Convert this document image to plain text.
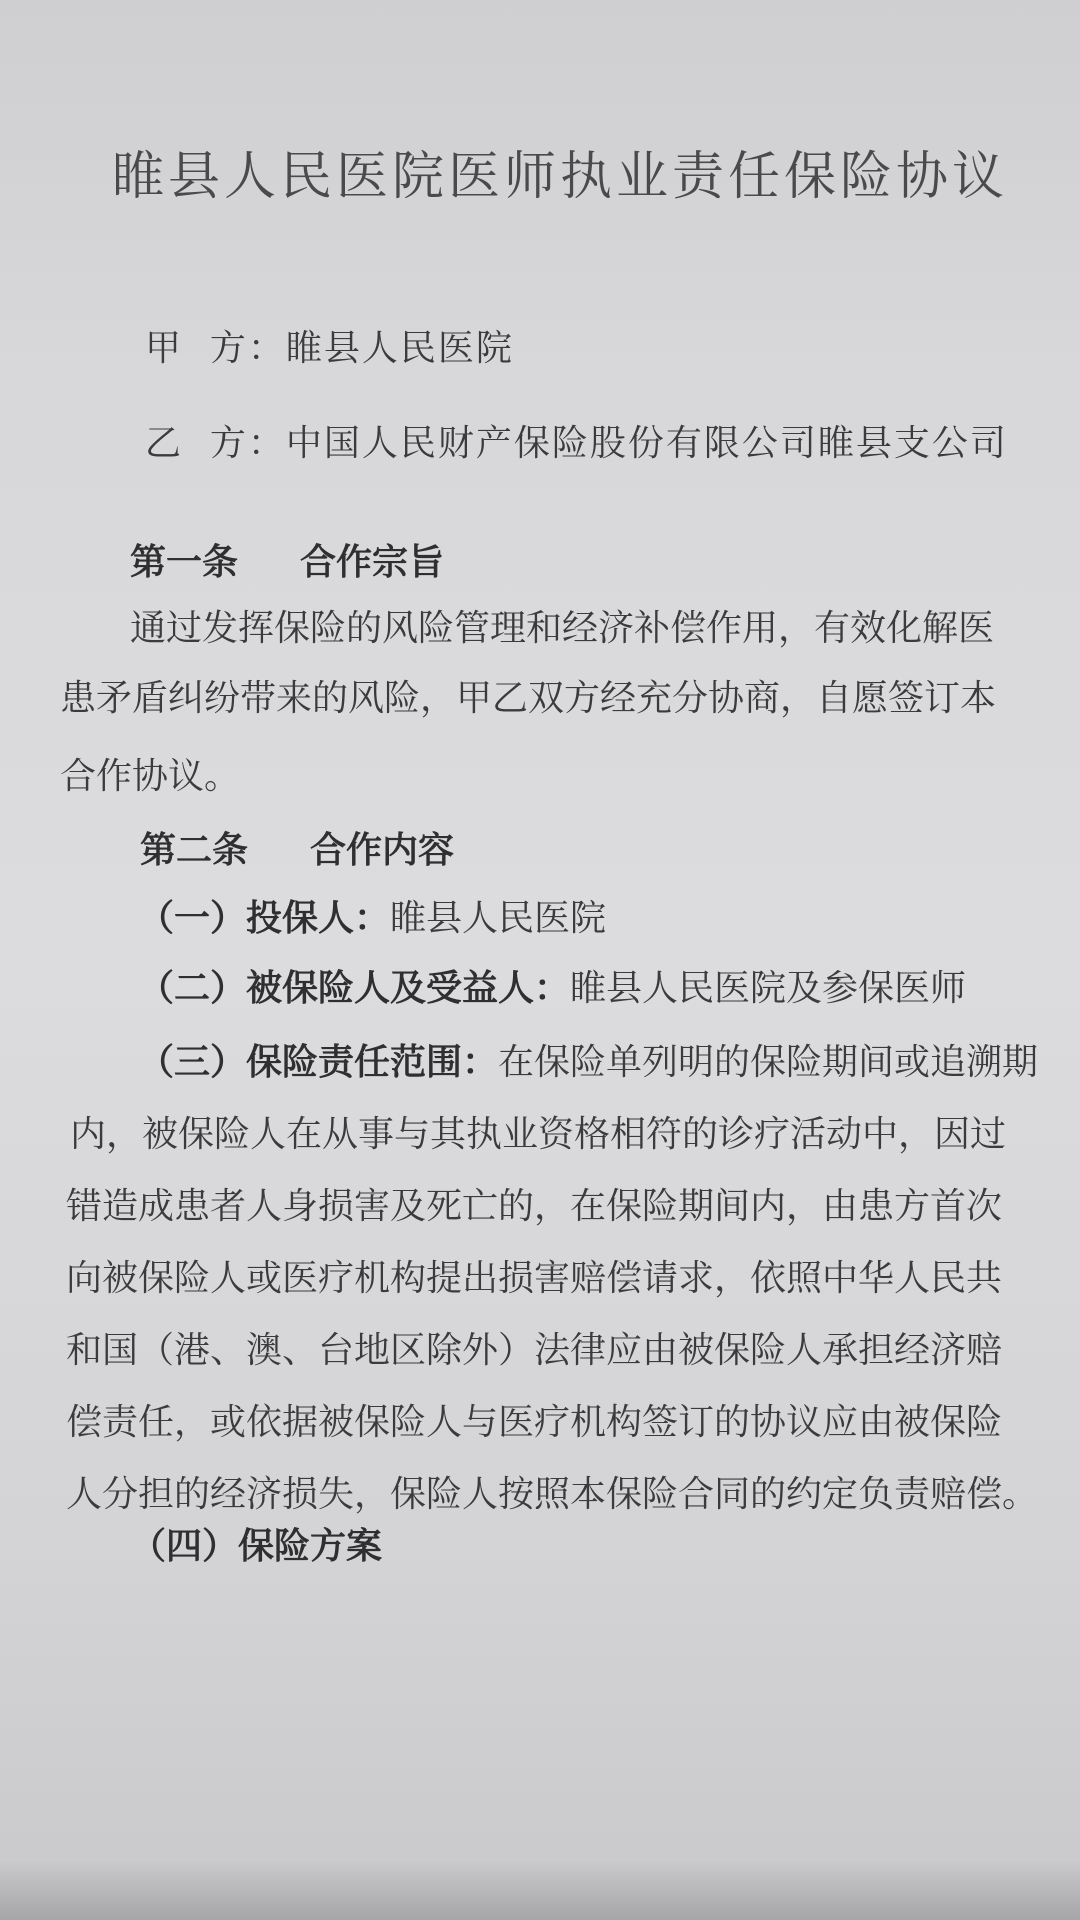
睢县人民医院医师执业责任保险协议
甲  方：睢县人民医院
乙  方：中国人民财产保险股份有限公司睢县支公司
第一条 合作宗旨
通过发挥保险的风险管理和经济补偿作用，有效化解医
患矛盾纠纷带来的风险，甲乙双方经充分协商，自愿签订本
合作协议。
第二条 合作内容
（一）投保人：睢县人民医院
（二）被保险人及受益人：睢县人民医院及参保医师
（三）保险责任范围：在保险单列明的保险期间或追溯期
内，被保险人在从事与其执业资格相符的诊疗活动中，因过
错造成患者人身损害及死亡的，在保险期间内，由患方首次
向被保险人或医疗机构提出损害赔偿请求，依照中华人民共
和国（港、澳、台地区除外）法律应由被保险人承担经济赔
偿责任，或依据被保险人与医疗机构签订的协议应由被保险
人分担的经济损失，保险人按照本保险合同的约定负责赔偿。
（四）保险方案
